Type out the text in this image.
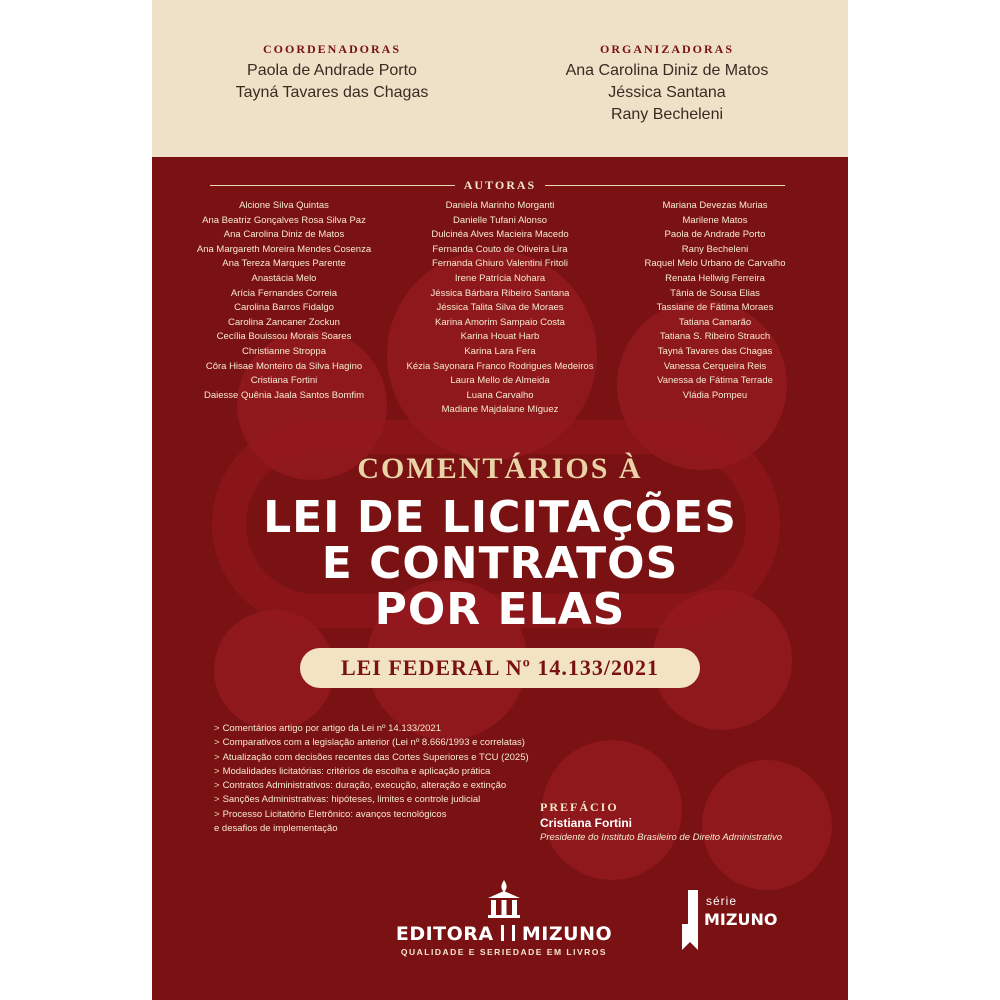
COORDENADORAS
Paola de Andrade Porto
Tayná Tavares das Chagas
ORGANIZADORAS
Ana Carolina Diniz de Matos
Jéssica Santana
Rany Becheleni
AUTORAS
Alcione Silva Quintas
Ana Beatriz Gonçalves Rosa Silva Paz
Ana Carolina Diniz de Matos
Ana Margareth Moreira Mendes Cosenza
Ana Tereza Marques Parente
Anastácia Melo
Arícia Fernandes Correia
Carolina Barros Fidalgo
Carolina Zancaner Zockun
Cecília Bouissou Morais Soares
Christianne Stroppa
Côra Hisae Monteiro da Silva Hagino
Cristiana Fortini
Daiesse Quênia Jaala Santos Bomfim
Daniela Marinho Morganti
Danielle Tufani Alonso
Dulcinéa Alves Macieira Macedo
Fernanda Couto de Oliveira Lira
Fernanda Ghiuro Valentini Fritoli
Irene Patrícia Nohara
Jéssica Bárbara Ribeiro Santana
Jéssica Talita Silva de Moraes
Karina Amorim Sampaio Costa
Karina Houat Harb
Karina Lara Fera
Kézia Sayonara Franco Rodrigues Medeiros
Laura Mello de Almeida
Luana Carvalho
Madiane Majdalane Míguez
Mariana Devezas Murias
Marilene Matos
Paola de Andrade Porto
Rany Becheleni
Raquel Melo Urbano de Carvalho
Renata Hellwig Ferreira
Tânia de Sousa Elias
Tassiane de Fátima Moraes
Tatiana Camarão
Tatiana S. Ribeiro Strauch
Tayná Tavares das Chagas
Vanessa Cerqueira Reis
Vanessa de Fátima Terrade
Vládia Pompeu
COMENTÁRIOS À
LEI DE LICITAÇÕES
E CONTRATOS
POR ELAS
LEI FEDERAL Nº 14.133/2021
> Comentários artigo por artigo da Lei nº 14.133/2021
> Comparativos com a legislação anterior (Lei nº 8.666/1993 e correlatas)
> Atualização com decisões recentes das Cortes Superiores e TCU (2025)
> Modalidades licitatórias: critérios de escolha e aplicação prática
> Contratos Administrativos: duração, execução, alteração e extinção
> Sanções Administrativas: hipóteses, limites e controle judicial
> Processo Licitatório Eletrônico: avanços tecnológicos
e desafios de implementação
PREFÁCIO
Cristiana Fortini
Presidente do Instituto Brasileiro de Direito Administrativo
EDITORA MIZUNO
QUALIDADE E SERIEDADE EM LIVROS
série
MIZUNO
